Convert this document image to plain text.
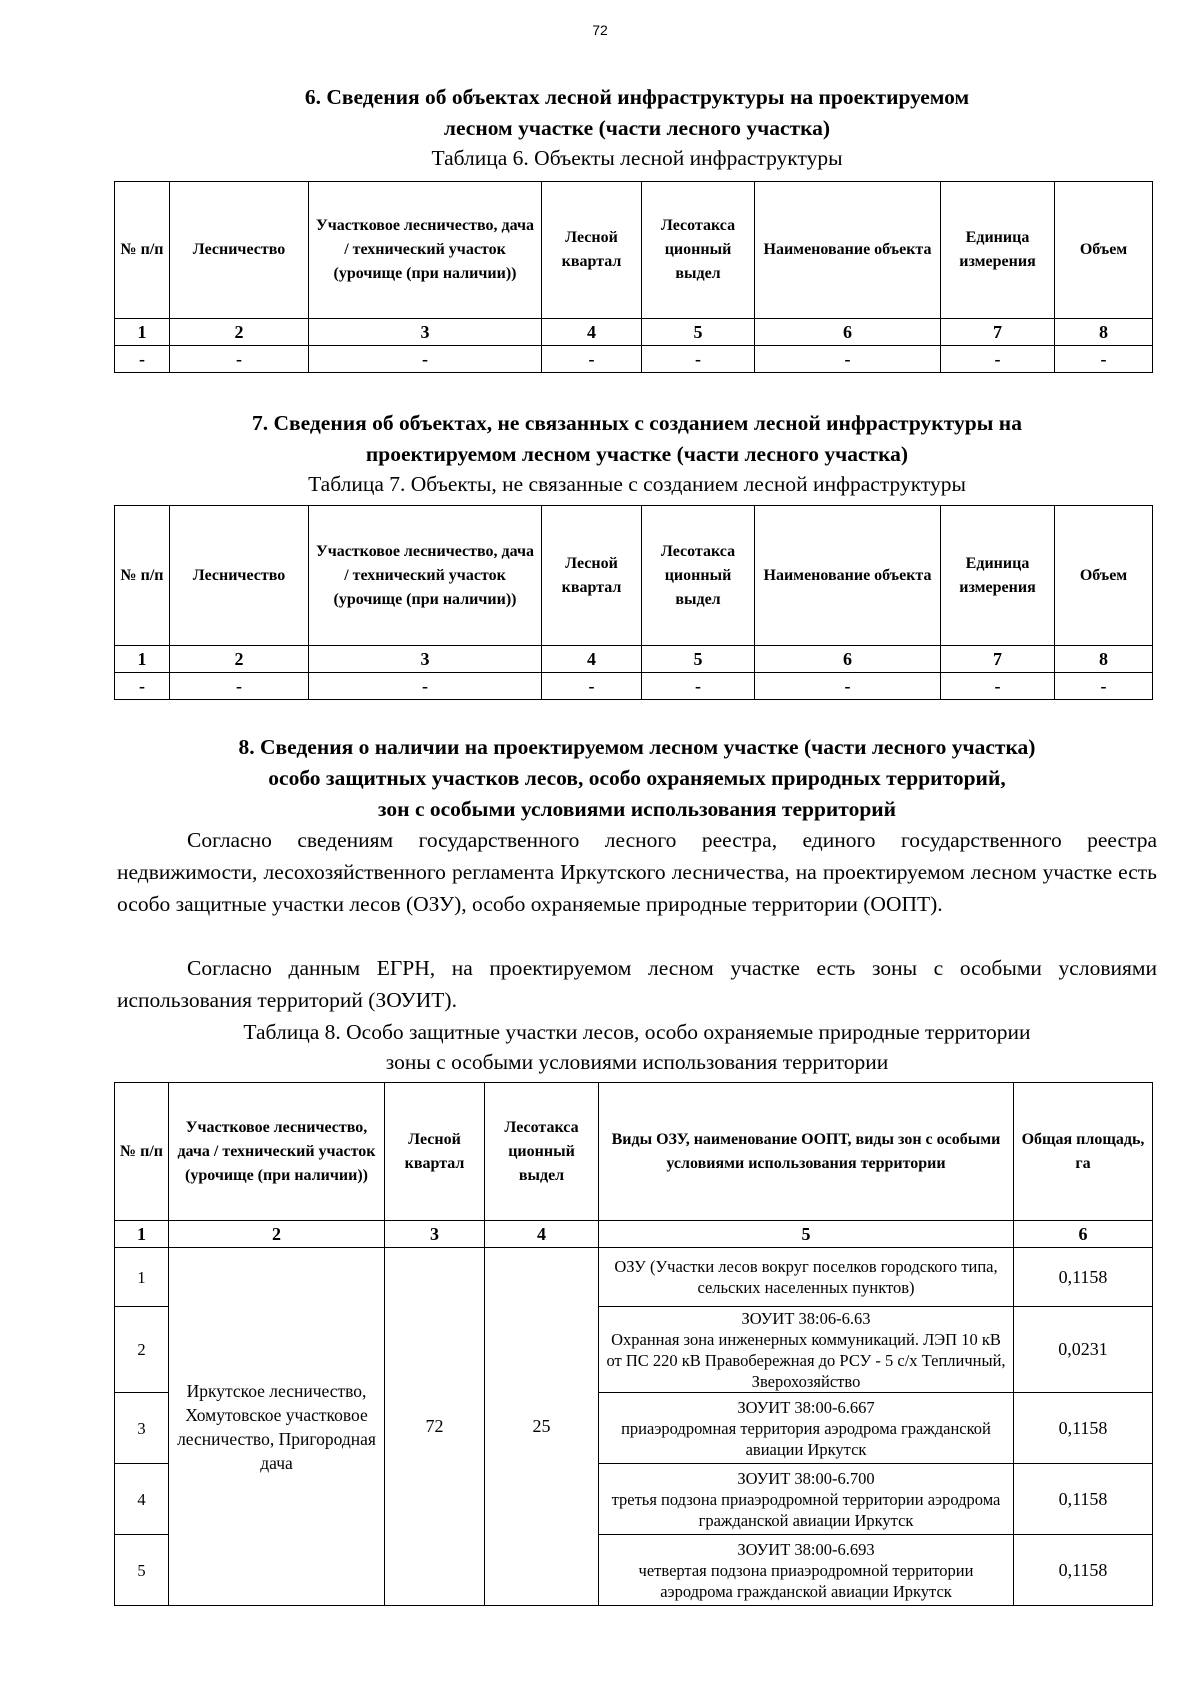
72
6. Сведения об объектах лесной инфраструктуры на проектируемом
лесном участке (части лесного участка)
Таблица 6. Объекты лесной инфраструктуры
№ п/п	Лесничество	Участковое лесничество, дача / технический участок (урочище (при наличии))	Лесной квартал	Лесотакса ционный выдел	Наименование объекта	Единица измерения	Объем
1	2	3	4	5	6	7	8
-	-	-	-	-	-	-	-
7. Сведения об объектах, не связанных с созданием лесной инфраструктуры на
проектируемом лесном участке (части лесного участка)
Таблица 7. Объекты, не связанные с созданием лесной инфраструктуры
№ п/п	Лесничество	Участковое лесничество, дача / технический участок (урочище (при наличии))	Лесной квартал	Лесотакса ционный выдел	Наименование объекта	Единица измерения	Объем
1	2	3	4	5	6	7	8
-	-	-	-	-	-	-	-
8. Сведения о наличии на проектируемом лесном участке (части лесного участка)
особо защитных участков лесов, особо охраняемых природных территорий,
зон с особыми условиями использования территорий
Согласно сведениям государственного лесного реестра, единого государственного реестра недвижимости, лесохозяйственного регламента Иркутского лесничества, на проектируемом лесном участке есть особо защитные участки лесов (ОЗУ), особо охраняемые природные территории (ООПТ).
Согласно данным ЕГРН, на проектируемом лесном участке есть зоны с особыми условиями использования территорий (ЗОУИТ).
Таблица 8. Особо защитные участки лесов, особо охраняемые природные территории
зоны с особыми условиями использования территории
№ п/п	Участковое лесничество, дача / технический участок (урочище (при наличии))	Лесной квартал	Лесотакса ционный выдел	Виды ОЗУ, наименование ООПТ, виды зон с особыми условиями использования территории	Общая площадь, га
1	2	3	4	5	6
1	Иркутское лесничество, Хомутовское участковое лесничество, Пригородная дача	72	25	ОЗУ (Участки лесов вокруг поселков городского типа, сельских населенных пунктов)	0,1158
2				ЗОУИТ 38:06-6.63
Охранная зона инженерных коммуникаций. ЛЭП 10 кВ от ПС 220 кВ Правобережная до РСУ - 5 с/х Тепличный, Зверохозяйство	0,0231
3				ЗОУИТ 38:00-6.667
приаэродромная территория аэродрома гражданской авиации Иркутск	0,1158
4				ЗОУИТ 38:00-6.700
третья подзона приаэродромной территории аэродрома гражданской авиации Иркутск	0,1158
5				ЗОУИТ 38:00-6.693
четвертая подзона приаэродромной территории аэродрома гражданской авиации Иркутск	0,1158
